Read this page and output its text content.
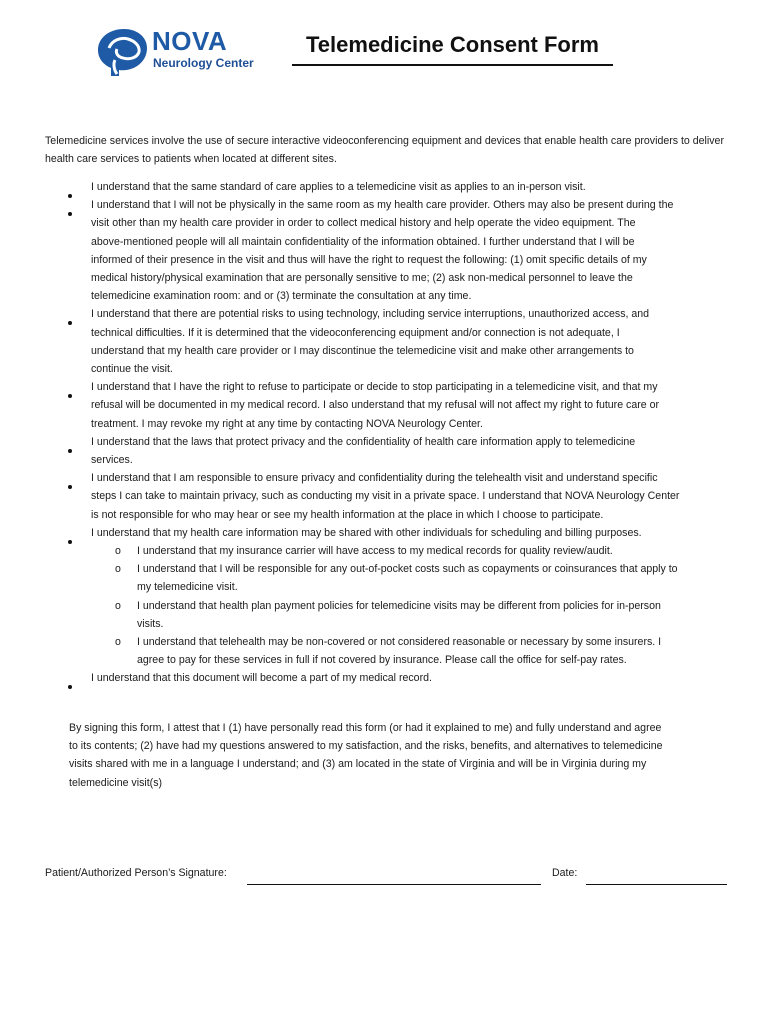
NOVA
Neurology Center
Telemedicine Consent Form
Telemedicine services involve the use of secure interactive videoconferencing equipment and devices that enable health care providers to deliver health care services to patients when located at different sites.
I understand that the same standard of care applies to a telemedicine visit as applies to an in-person visit.
I understand that I will not be physically in the same room as my health care provider. Others may also be present during the
visit other than my health care provider in order to collect medical history and help operate the video equipment. The
above-mentioned people will all maintain confidentiality of the information obtained. I further understand that I will be
informed of their presence in the visit and thus will have the right to request the following: (1) omit specific details of my
medical history/physical examination that are personally sensitive to me; (2) ask non-medical personnel to leave the
telemedicine examination room: and or (3) terminate the consultation at any time.
I understand that there are potential risks to using technology, including service interruptions, unauthorized access, and
technical difficulties. If it is determined that the videoconferencing equipment and/or connection is not adequate, I
understand that my health care provider or I may discontinue the telemedicine visit and make other arrangements to
continue the visit.
I understand that I have the right to refuse to participate or decide to stop participating in a telemedicine visit, and that my
refusal will be documented in my medical record. I also understand that my refusal will not affect my right to future care or
treatment. I may revoke my right at any time by contacting NOVA Neurology Center.
I understand that the laws that protect privacy and the confidentiality of health care information apply to telemedicine
services.
I understand that I am responsible to ensure privacy and confidentiality during the telehealth visit and understand specific
steps I can take to maintain privacy, such as conducting my visit in a private space. I understand that NOVA Neurology Center
is not responsible for who may hear or see my health information at the place in which I choose to participate.
I understand that my health care information may be shared with other individuals for scheduling and billing purposes.
o I understand that my insurance carrier will have access to my medical records for quality review/audit.
o I understand that I will be responsible for any out-of-pocket costs such as copayments or coinsurances that apply to
my telemedicine visit.
o I understand that health plan payment policies for telemedicine visits may be different from policies for in-person
visits.
o I understand that telehealth may be non-covered or not considered reasonable or necessary by some insurers. I
agree to pay for these services in full if not covered by insurance. Please call the office for self-pay rates.
I understand that this document will become a part of my medical record.
By signing this form, I attest that I (1) have personally read this form (or had it explained to me) and fully understand and agree
to its contents; (2) have had my questions answered to my satisfaction, and the risks, benefits, and alternatives to telemedicine
visits shared with me in a language I understand; and (3) am located in the state of Virginia and will be in Virginia during my
telemedicine visit(s)
Patient/Authorized Person’s Signature:	Date:
